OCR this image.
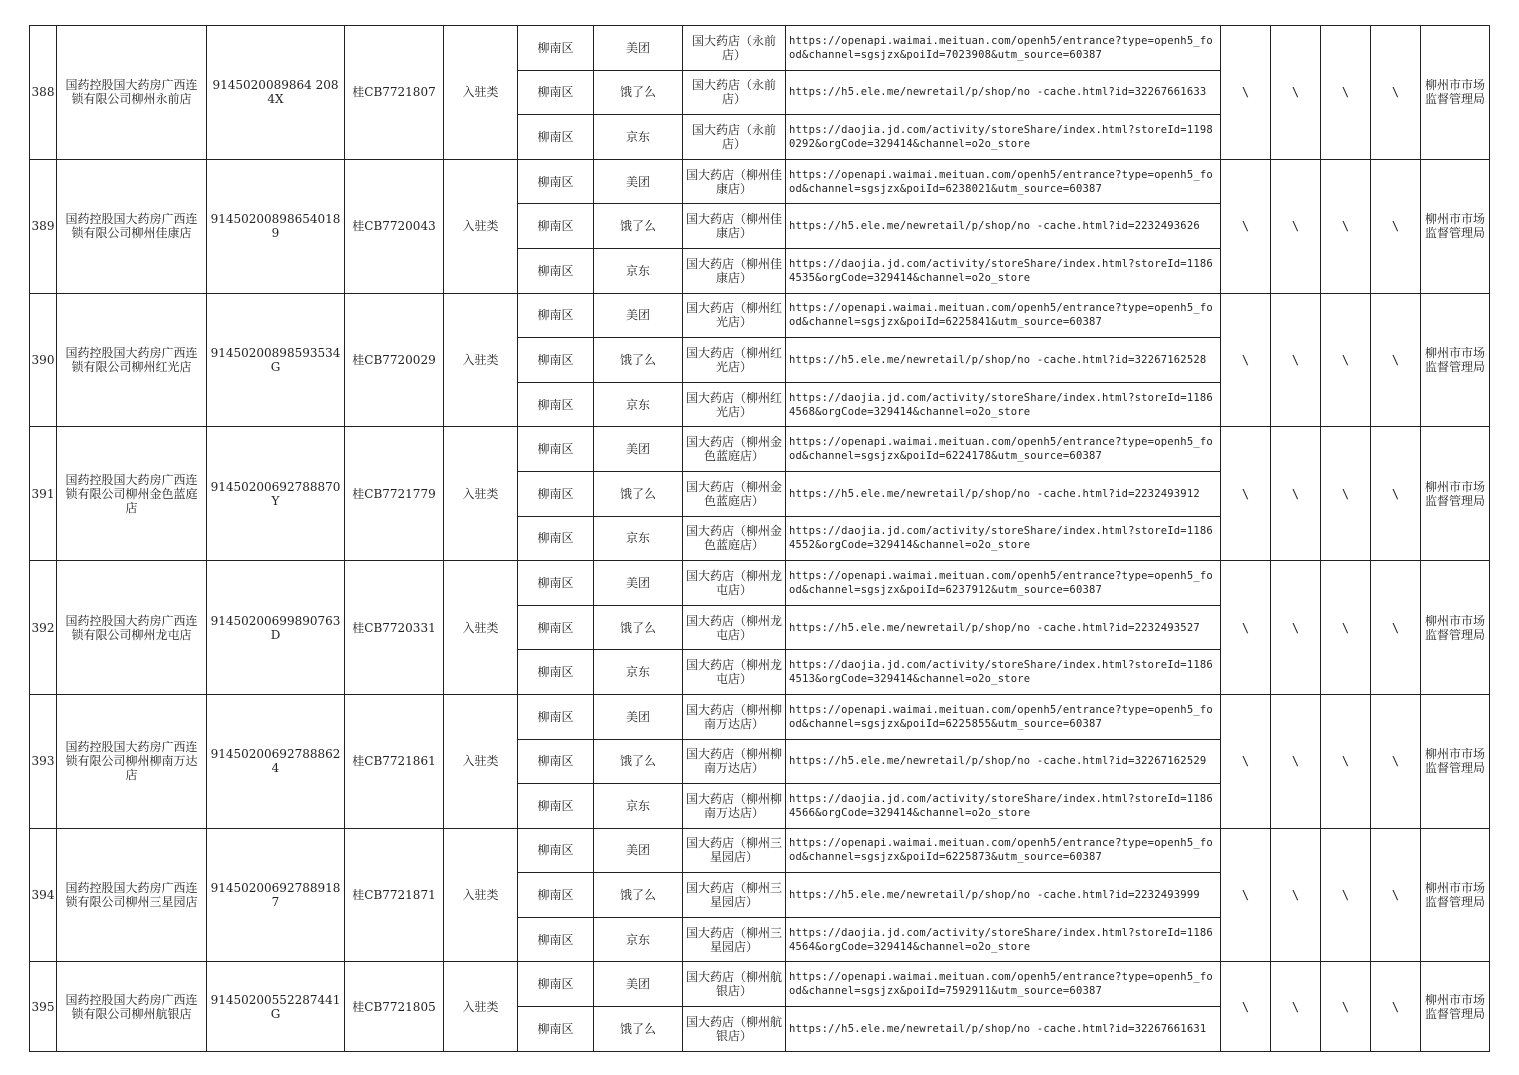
388	国药控股国大药房广西连锁有限公司柳州永前店	9145020089864 2084X	桂CB7721807	入驻类	柳南区	美团	国大药店（永前店）	https://openapi.waimai.meituan.com/openh5/entrance?type=openh5_food&channel=sgsjzx&poiId=7023908&utm_source=60387	\	\	\	\	柳州市市场监督管理局
					柳南区	饿了么	国大药店（永前店）	https://h5.ele.me/newretail/p/shop/no -cache.html?id=32267661633					
					柳南区	京东	国大药店（永前店）	https://daojia.jd.com/activity/storeShare/index.html?storeId=11980292&orgCode=329414&channel=o2o_store					
389	国药控股国大药房广西连锁有限公司柳州佳康店	914502008986540189	桂CB7720043	入驻类	柳南区	美团	国大药店（柳州佳康店）	https://openapi.waimai.meituan.com/openh5/entrance?type=openh5_food&channel=sgsjzx&poiId=6238021&utm_source=60387	\	\	\	\	柳州市市场监督管理局
					柳南区	饿了么	国大药店（柳州佳康店）	https://h5.ele.me/newretail/p/shop/no -cache.html?id=2232493626					
					柳南区	京东	国大药店（柳州佳康店）	https://daojia.jd.com/activity/storeShare/index.html?storeId=11864535&orgCode=329414&channel=o2o_store					
390	国药控股国大药房广西连锁有限公司柳州红光店	91450200898593534G	桂CB7720029	入驻类	柳南区	美团	国大药店（柳州红光店）	https://openapi.waimai.meituan.com/openh5/entrance?type=openh5_food&channel=sgsjzx&poiId=6225841&utm_source=60387	\	\	\	\	柳州市市场监督管理局
					柳南区	饿了么	国大药店（柳州红光店）	https://h5.ele.me/newretail/p/shop/no -cache.html?id=32267162528					
					柳南区	京东	国大药店（柳州红光店）	https://daojia.jd.com/activity/storeShare/index.html?storeId=11864568&orgCode=329414&channel=o2o_store					
391	国药控股国大药房广西连锁有限公司柳州金色蓝庭店	91450200692788870Y	桂CB7721779	入驻类	柳南区	美团	国大药店（柳州金色蓝庭店）	https://openapi.waimai.meituan.com/openh5/entrance?type=openh5_food&channel=sgsjzx&poiId=6224178&utm_source=60387	\	\	\	\	柳州市市场监督管理局
					柳南区	饿了么	国大药店（柳州金色蓝庭店）	https://h5.ele.me/newretail/p/shop/no -cache.html?id=2232493912					
					柳南区	京东	国大药店（柳州金色蓝庭店）	https://daojia.jd.com/activity/storeShare/index.html?storeId=11864552&orgCode=329414&channel=o2o_store					
392	国药控股国大药房广西连锁有限公司柳州龙屯店	91450200699890763D	桂CB7720331	入驻类	柳南区	美团	国大药店（柳州龙屯店）	https://openapi.waimai.meituan.com/openh5/entrance?type=openh5_food&channel=sgsjzx&poiId=6237912&utm_source=60387	\	\	\	\	柳州市市场监督管理局
					柳南区	饿了么	国大药店（柳州龙屯店）	https://h5.ele.me/newretail/p/shop/no -cache.html?id=2232493527					
					柳南区	京东	国大药店（柳州龙屯店）	https://daojia.jd.com/activity/storeShare/index.html?storeId=11864513&orgCode=329414&channel=o2o_store					
393	国药控股国大药房广西连锁有限公司柳州柳南万达店	914502006927888624	桂CB7721861	入驻类	柳南区	美团	国大药店（柳州柳南万达店）	https://openapi.waimai.meituan.com/openh5/entrance?type=openh5_food&channel=sgsjzx&poiId=6225855&utm_source=60387	\	\	\	\	柳州市市场监督管理局
					柳南区	饿了么	国大药店（柳州柳南万达店）	https://h5.ele.me/newretail/p/shop/no -cache.html?id=32267162529					
					柳南区	京东	国大药店（柳州柳南万达店）	https://daojia.jd.com/activity/storeShare/index.html?storeId=11864566&orgCode=329414&channel=o2o_store					
394	国药控股国大药房广西连锁有限公司柳州三星园店	914502006927889187	桂CB7721871	入驻类	柳南区	美团	国大药店（柳州三星园店）	https://openapi.waimai.meituan.com/openh5/entrance?type=openh5_food&channel=sgsjzx&poiId=6225873&utm_source=60387	\	\	\	\	柳州市市场监督管理局
					柳南区	饿了么	国大药店（柳州三星园店）	https://h5.ele.me/newretail/p/shop/no -cache.html?id=2232493999					
					柳南区	京东	国大药店（柳州三星园店）	https://daojia.jd.com/activity/storeShare/index.html?storeId=11864564&orgCode=329414&channel=o2o_store					
395	国药控股国大药房广西连锁有限公司柳州航银店	91450200552287441G	桂CB7721805	入驻类	柳南区	美团	国大药店（柳州航银店）	https://openapi.waimai.meituan.com/openh5/entrance?type=openh5_food&channel=sgsjzx&poiId=7592911&utm_source=60387	\	\	\	\	柳州市市场监督管理局
					柳南区	饿了么	国大药店（柳州航银店）	https://h5.ele.me/newretail/p/shop/no -cache.html?id=32267661631					
